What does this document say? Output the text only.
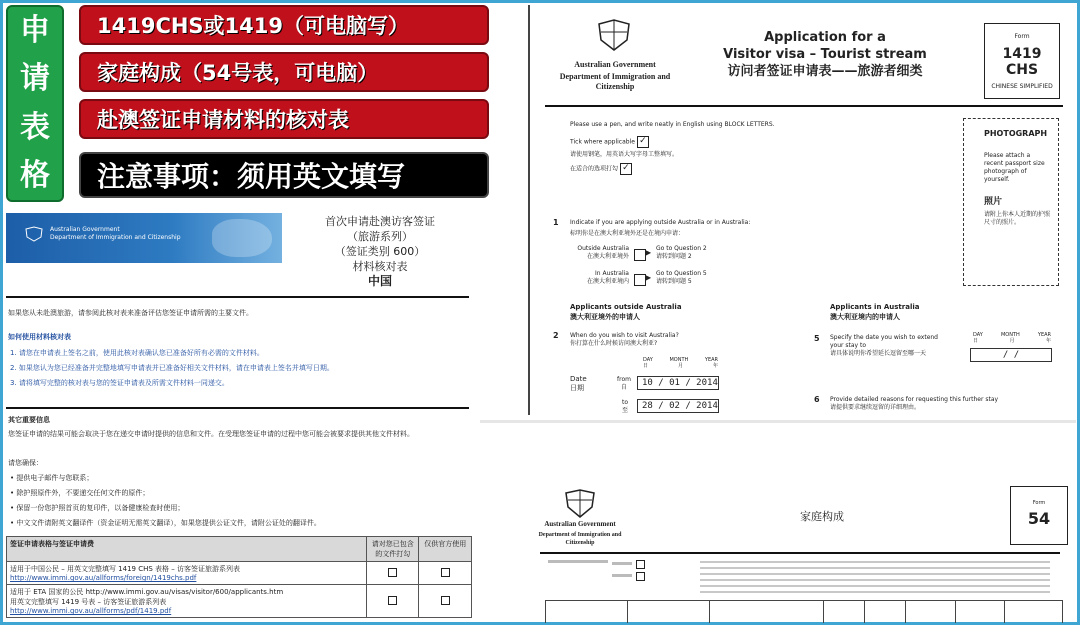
申
请
表
格
1419CHS或1419（可电脑写）
家庭构成（54号表，可电脑）
赴澳签证申请材料的核对表
注意事项：须用英文填写
Australian Government
Department of Immigration and Citizenship
首次申请赴澳访客签证
（旅游系列）
（签证类别 600）
材料核对表
中国
如果您从未赴澳旅游，请参阅此核对表来准备评估您签证申请所需的主要文件。
如何使用材料核对表
1. 请您在申请表上签名之前，使用此核对表确认您已准备好所有必需的文件材料。
2. 如果您认为您已经准备并完整地填写申请表并已准备好相关文件材料，请在申请表上签名并填写日期。
3. 请将填写完整的核对表与您的签证申请表及所需文件材料一同递交。
其它重要信息
您签证申请的结果可能会取决于您在递交申请时提供的信息和文件。在受理您签证申请的过程中您可能会被要求提供其他文件材料。
请您确保：
• 提供电子邮件与您联系；
• 除护照原件外，不要递交任何文件的原件；
• 保留一份您护照首页的复印件，以备健康检查时使用；
• 中文文件请附英文翻译件（资金证明无需英文翻译），如果您提供公证文件，请附公证处的翻译件。
签证申请表格与签证申请费	请对您已包含的文件打勾	仅供官方使用

适用于中国公民 – 用英文完整填写 1419 CHS 表格 – 访客签证旅游系列表
http://www.immi.gov.au/allforms/foreign/1419chs.pdf		

适用于 ETA 国家的公民 http://www.immi.gov.au/visas/visitor/600/applicants.htm
用英文完整填写 1419 号表 – 访客签证旅游系列表
http://www.immi.gov.au/allforms/pdf/1419.pdf		

Australian Government
Department of Immigration and Citizenship
Application for a
Visitor visa – Tourist stream
访问者签证申请表——旅游者细类
Form
1419 CHS
CHINESE SIMPLIFIED
Please use a pen, and write neatly in English using BLOCK LETTERS.
Tick where applicable ✓
请使用钢笔，用英语大写字母工整填写。
在适合的选项打勾 ✓
PHOTOGRAPH
Please attach a recent passport size photograph of yourself.
照片
请附上你本人近期的护照尺寸的照片。
1 Indicate if you are applying outside Australia or in Australia:
标明你是在澳大利亚境外还是在境内申请：
Outside Australia
在澳大利亚境外 ▶ Go to Question 2
请转到问题 2
In Australia
在澳大利亚境内 ▶ Go to Question 5
请转到问题 5
Applicants outside Australia
澳大利亚境外的申请人
Applicants in Australia
澳大利亚境内的申请人
2 When do you wish to visit Australia?
你打算在什么时候访问澳大利亚?
DAY	MONTH	YEAR
日	月	年
Date
日期
from
自	10 / 01 / 2014
to
至	28 / 02 / 2014
5 Specify the date you wish to extend your stay to
请具体说明你希望延长逗留至哪一天
DAY	MONTH	YEAR
日	月	年
/ /
6 Provide detailed reasons for requesting this further stay
请提供要求继续逗留的详细理由。
Australian Government
Department of Immigration and Citizenship
家庭构成
Form
54
